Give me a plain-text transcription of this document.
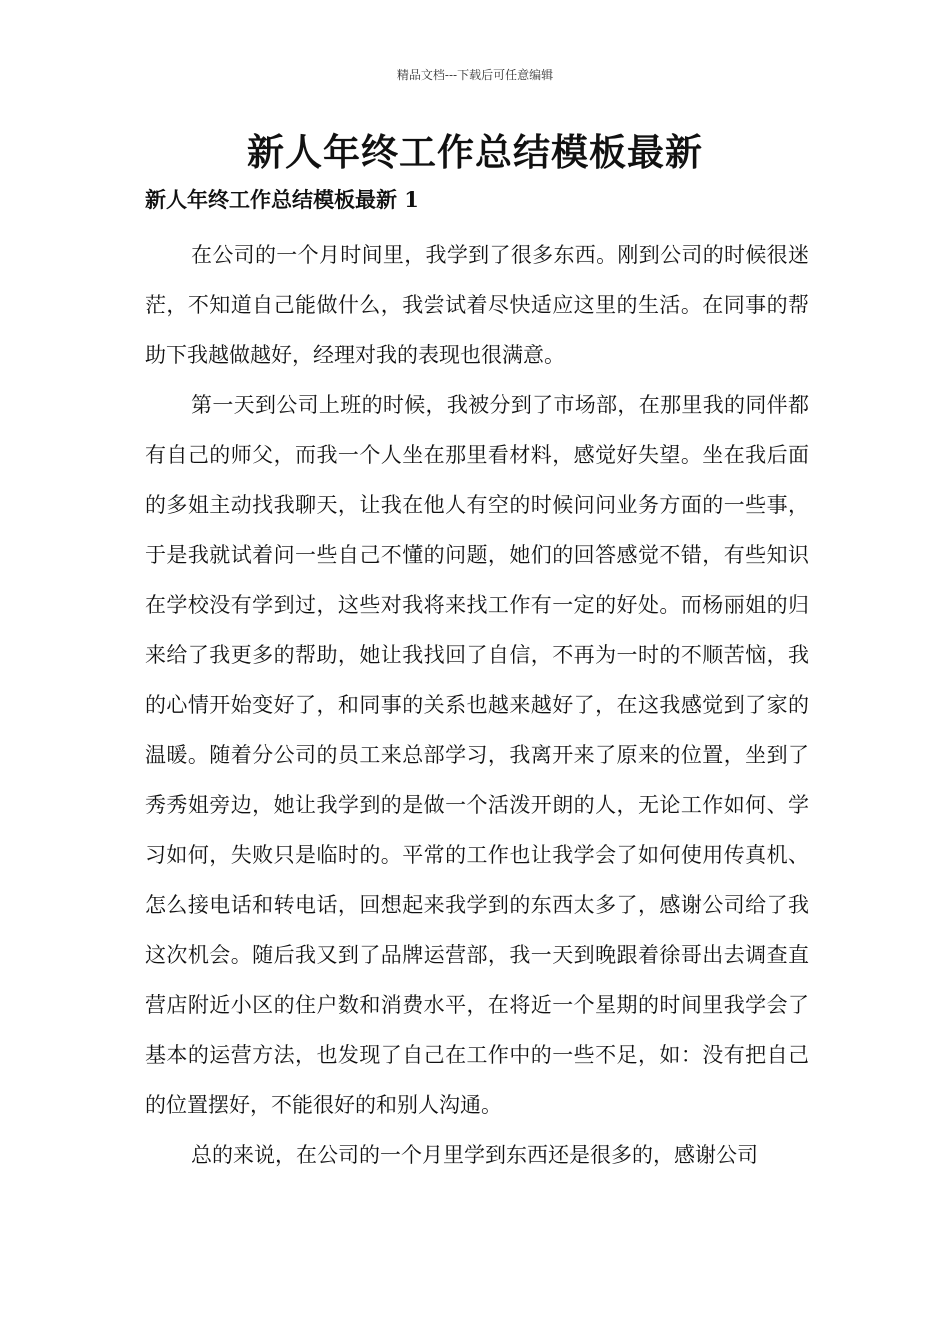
精品文档---下载后可任意编辑
新人年终工作总结模板最新
新人年终工作总结模板最新 1

在公司的一个月时间里，我学到了很多东西。刚到公司的时候很迷茫，不知道自己能做什么，我尝试着尽快适应这里的生活。在同事的帮助下我越做越好，经理对我的表现也很满意。

第一天到公司上班的时候，我被分到了市场部，在那里我的同伴都有自己的师父，而我一个人坐在那里看材料，感觉好失望。坐在我后面的多姐主动找我聊天，让我在他人有空的时候问问业务方面的一些事，于是我就试着问一些自己不懂的问题，她们的回答感觉不错，有些知识在学校没有学到过，这些对我将来找工作有一定的好处。而杨丽姐的归来给了我更多的帮助，她让我找回了自信，不再为一时的不顺苦恼，我的心情开始变好了，和同事的关系也越来越好了，在这我感觉到了家的温暖。随着分公司的员工来总部学习，我离开来了原来的位置，坐到了秀秀姐旁边，她让我学到的是做一个活泼开朗的人，无论工作如何、学习如何，失败只是临时的。平常的工作也让我学会了如何使用传真机、怎么接电话和转电话，回想起来我学到的东西太多了，感谢公司给了我这次机会。随后我又到了品牌运营部，我一天到晚跟着徐哥出去调查直营店附近小区的住户数和消费水平，在将近一个星期的时间里我学会了基本的运营方法，也发现了自己在工作中的一些不足，如：没有把自己的位置摆好，不能很好的和别人沟通。

总的来说，在公司的一个月里学到东西还是很多的，感谢公司
